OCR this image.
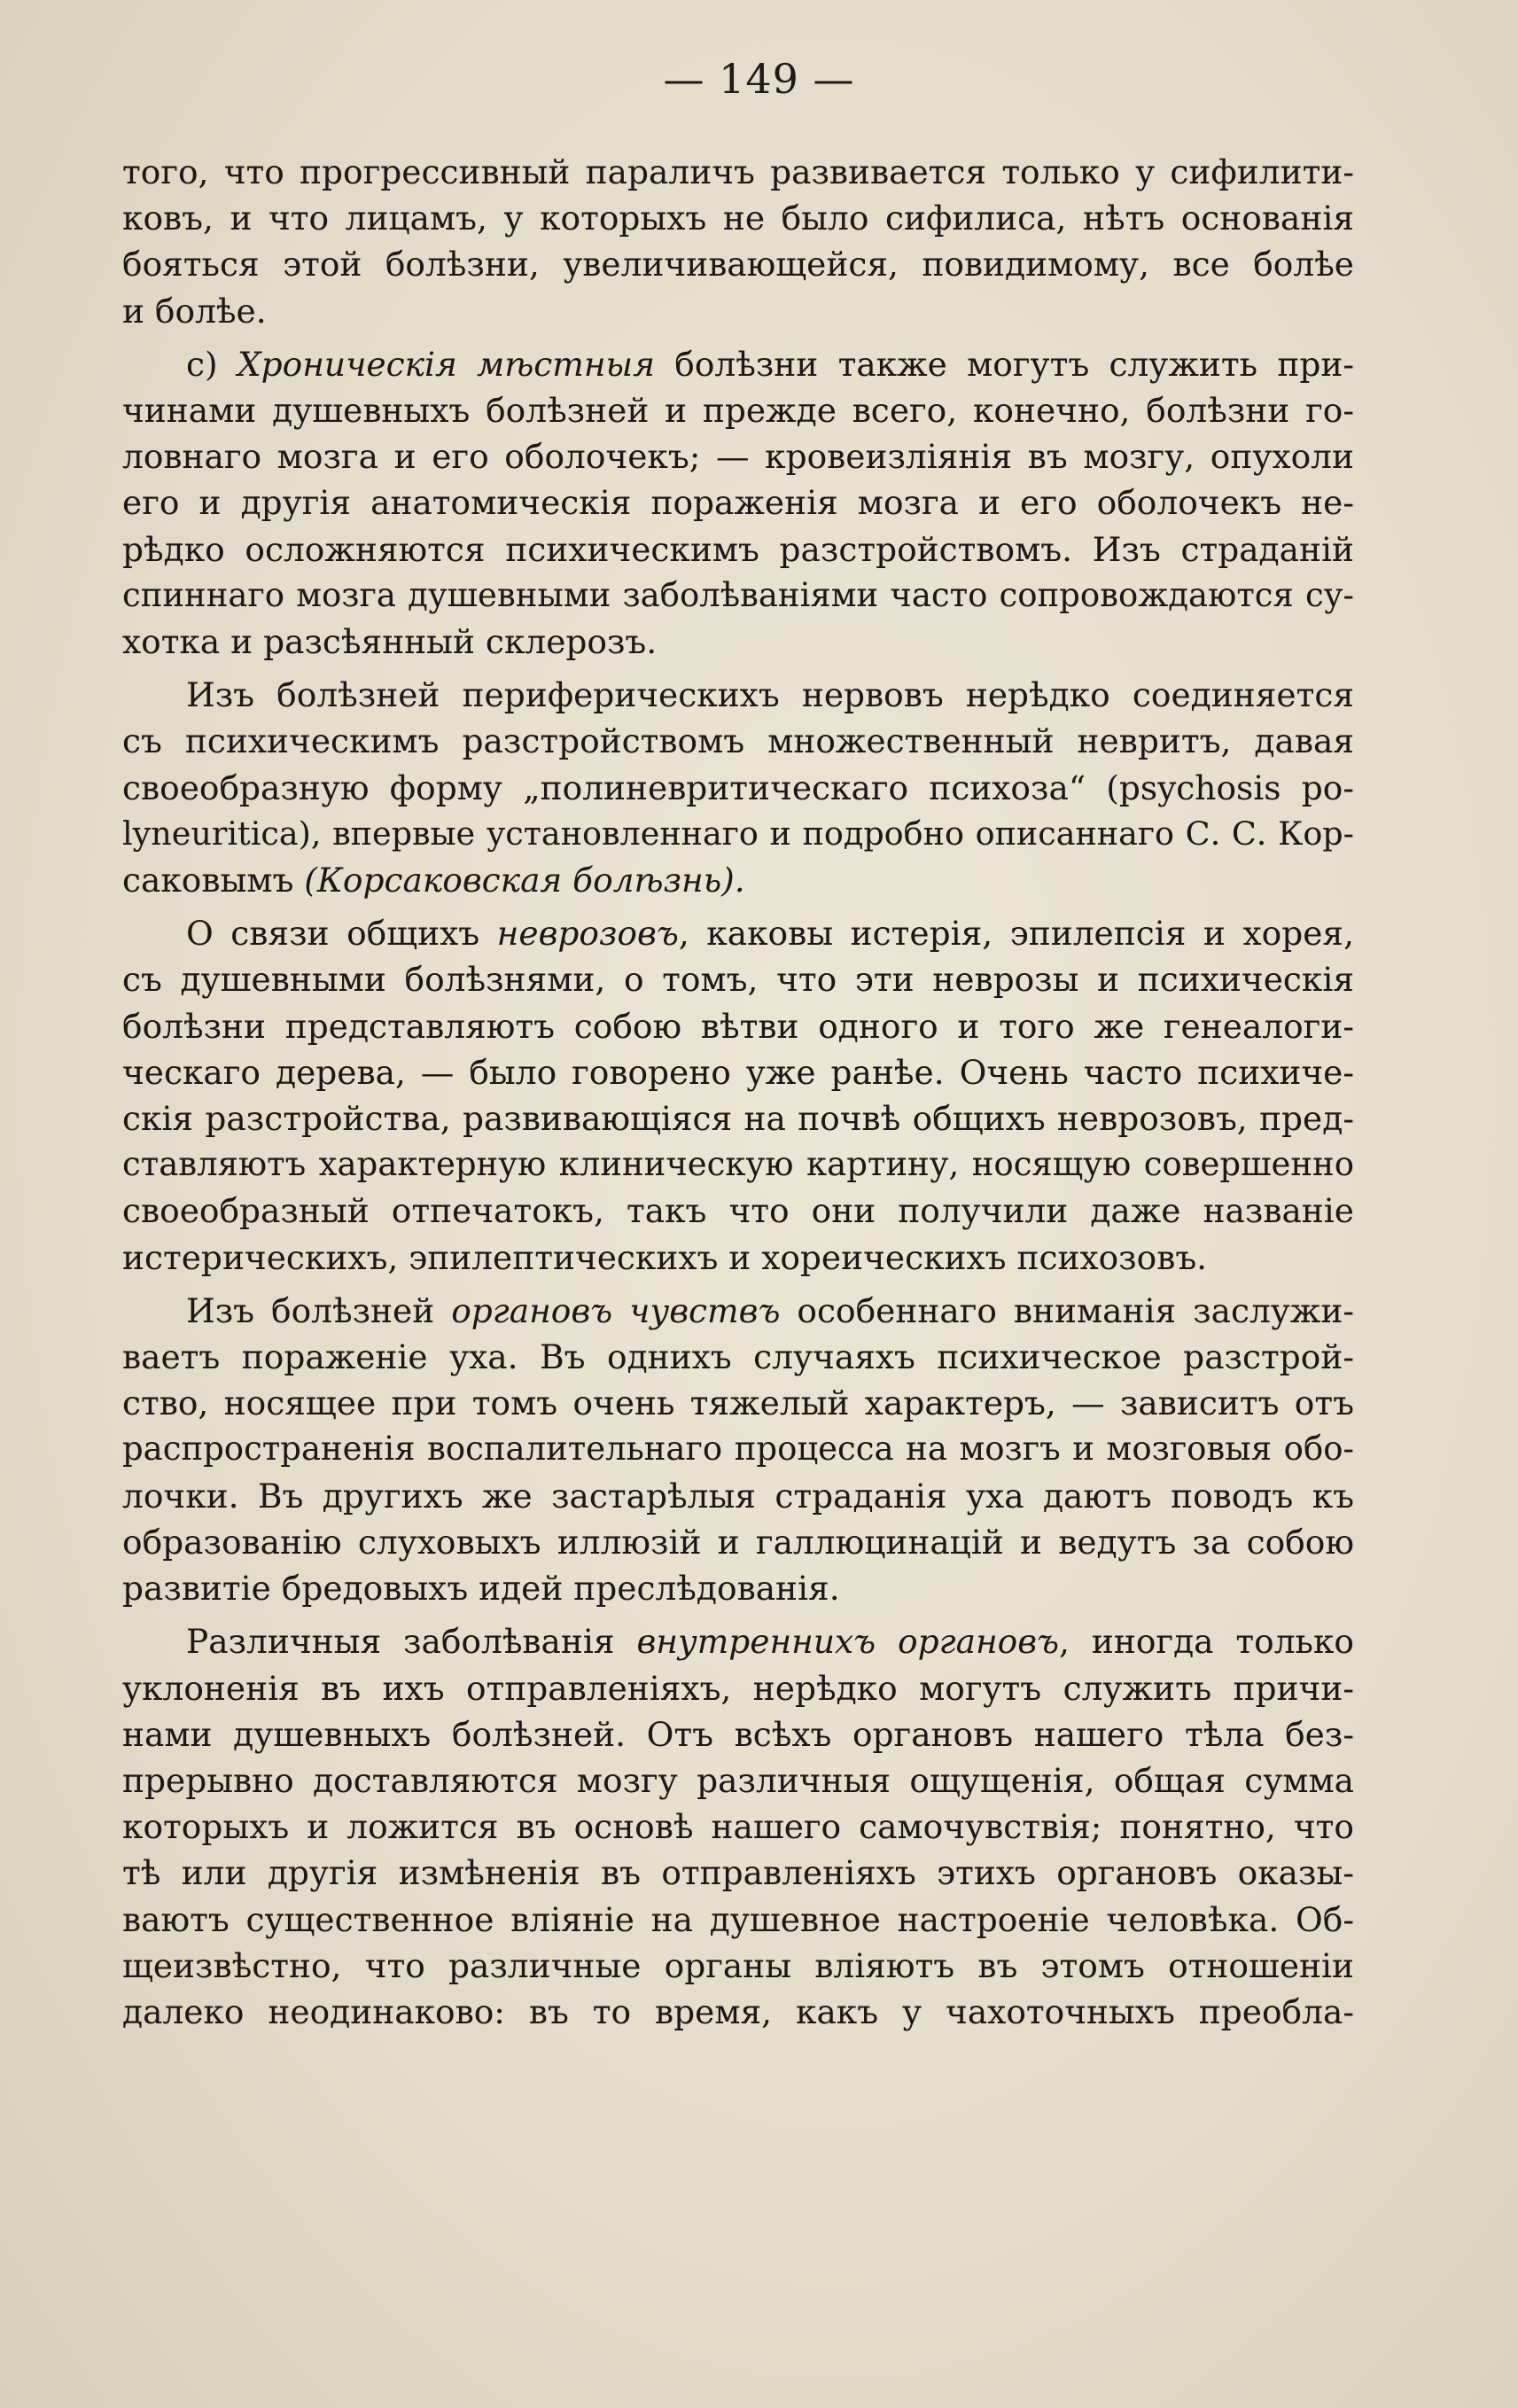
— 149 —
того, что прогрессивный параличъ развивается только у сифилити-
ковъ, и что лицамъ, у которыхъ не было сифилиса, нѣтъ основанія
бояться этой болѣзни, увеличивающейся, повидимому, все болѣе
и болѣе.
c) Хроническія мѣстныя болѣзни также могутъ служить при-
чинами душевныхъ болѣзней и прежде всего, конечно, болѣзни го-
ловнаго мозга и его оболочекъ; — кровеизліянія въ мозгу, опухоли
его и другія анатомическія пораженія мозга и его оболочекъ не-
рѣдко осложняются психическимъ разстройствомъ. Изъ страданій
спиннаго мозга душевными заболѣваніями часто сопровождаются су-
хотка и разсѣянный склерозъ.
Изъ болѣзней периферическихъ нервовъ нерѣдко соединяется
съ психическимъ разстройствомъ множественный невритъ, давая
своеобразную форму „полиневритическаго психоза“ (psychosis po-
lyneuritica), впервые установленнаго и подробно описаннаго С. С. Кор-
саковымъ (Корсаковская болѣзнь).
О связи общихъ неврозовъ, каковы истерія, эпилепсія и хорея,
съ душевными болѣзнями, о томъ, что эти неврозы и психическія
болѣзни представляютъ собою вѣтви одного и того же генеалоги-
ческаго дерева, — было говорено уже ранѣе. Очень часто психиче-
скія разстройства, развивающіяся на почвѣ общихъ неврозовъ, пред-
ставляютъ характерную клиническую картину, носящую совершенно
своеобразный отпечатокъ, такъ что они получили даже названіе
истерическихъ, эпилептическихъ и хореическихъ психозовъ.
Изъ болѣзней органовъ чувствъ особеннаго вниманія заслужи-
ваетъ пораженіе уха. Въ однихъ случаяхъ психическое разстрой-
ство, носящее при томъ очень тяжелый характеръ, — зависитъ отъ
распространенія воспалительнаго процесса на мозгъ и мозговыя обо-
лочки. Въ другихъ же застарѣлыя страданія уха даютъ поводъ къ
образованію слуховыхъ иллюзій и галлюцинацій и ведутъ за собою
развитіе бредовыхъ идей преслѣдованія.
Различныя заболѣванія внутреннихъ органовъ, иногда только
уклоненія въ ихъ отправленіяхъ, нерѣдко могутъ служить причи-
нами душевныхъ болѣзней. Отъ всѣхъ органовъ нашего тѣла без-
прерывно доставляются мозгу различныя ощущенія, общая сумма
которыхъ и ложится въ основѣ нашего самочувствія; понятно, что
тѣ или другія измѣненія въ отправленіяхъ этихъ органовъ оказы-
ваютъ существенное вліяніе на душевное настроеніе человѣка. Об-
щеизвѣстно, что различные органы вліяютъ въ этомъ отношеніи
далеко неодинаково: въ то время, какъ у чахоточныхъ преобла-
